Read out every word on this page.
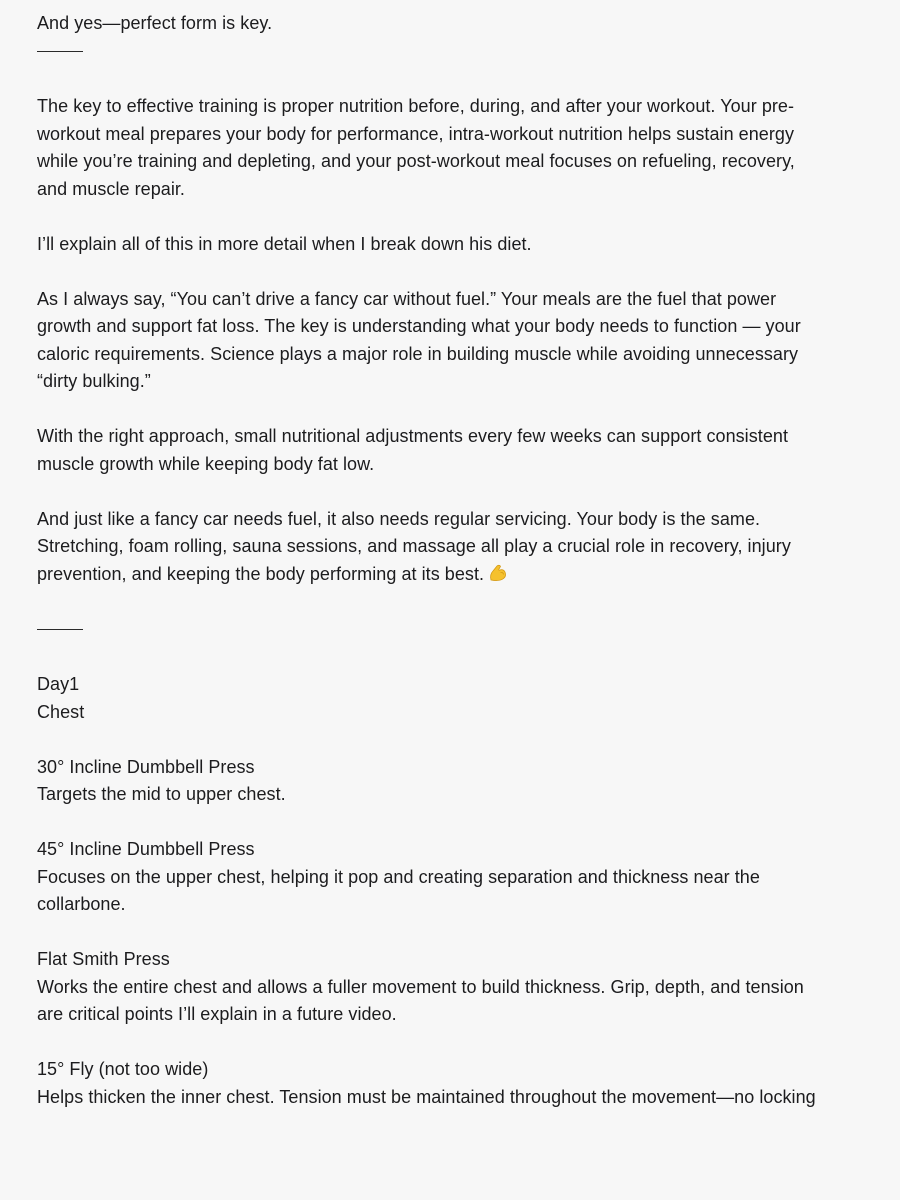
And yes—perfect form is key.
The key to effective training is proper nutrition before, during, and after your workout. Your pre-
workout meal prepares your body for performance, intra-workout nutrition helps sustain energy
while you’re training and depleting, and your post-workout meal focuses on refueling, recovery,
and muscle repair.
I’ll explain all of this in more detail when I break down his diet.
As I always say, “You can’t drive a fancy car without fuel.” Your meals are the fuel that power
growth and support fat loss. The key is understanding what your body needs to function — your
caloric requirements. Science plays a major role in building muscle while avoiding unnecessary
“dirty bulking.”
With the right approach, small nutritional adjustments every few weeks can support consistent
muscle growth while keeping body fat low.
And just like a fancy car needs fuel, it also needs regular servicing. Your body is the same.
Stretching, foam rolling, sauna sessions, and massage all play a crucial role in recovery, injury
prevention, and keeping the body performing at its best.
Day1
Chest
30° Incline Dumbbell Press
Targets the mid to upper chest.
45° Incline Dumbbell Press
Focuses on the upper chest, helping it pop and creating separation and thickness near the
collarbone.
Flat Smith Press
Works the entire chest and allows a fuller movement to build thickness. Grip, depth, and tension
are critical points I’ll explain in a future video.
15° Fly (not too wide)
Helps thicken the inner chest. Tension must be maintained throughout the movement—no locking
